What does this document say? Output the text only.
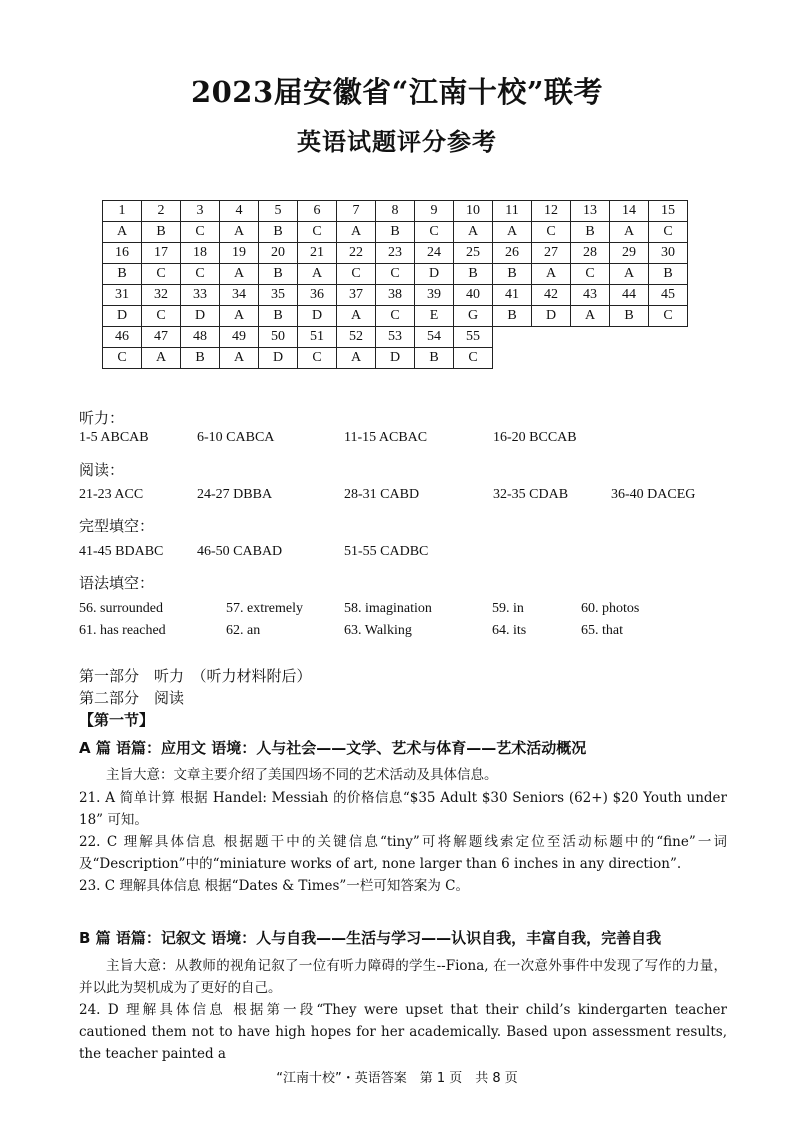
2023届安徽省“江南十校”联考
英语试题评分参考
1	2	3	4	5	6	7	8	9	10	11	12	13	14	15
A	B	C	A	B	C	A	B	C	A	A	C	B	A	C
16	17	18	19	20	21	22	23	24	25	26	27	28	29	30
B	C	C	A	B	A	C	C	D	B	B	A	C	A	B
31	32	33	34	35	36	37	38	39	40	41	42	43	44	45
D	C	D	A	B	D	A	C	E	G	B	D	A	B	C
46	47	48	49	50	51	52	53	54	55					
C	A	B	A	D	C	A	D	B	C					
听力：
1-5 ABCAB	6-10 CABCA	11-15 ACBAC	16-20 BCCAB
阅读：
21-23 ACC	24-27 DBBA	28-31 CABD	32-35 CDAB	36-40 DACEG
完型填空：
41-45 BDABC 46-50 CABAD	51-55 CADBC
语法填空：
56. surrounded	57. extremely	58. imagination	59. in	60. photos
61. has reached	62. an	63. Walking	64. its	65. that
第一部分　听力　（听力材料附后）
第二部分　阅读
【第一节】
A 篇 语篇：应用文 语境：人与社会——文学、艺术与体育——艺术活动概况
主旨大意：文章主要介绍了美国四场不同的艺术活动及具体信息。
21. A 简单计算 根据 Handel: Messiah 的价格信息“$35 Adult $30 Seniors (62+) $20 Youth under 18” 可知。
22. C 理解具体信息 根据题干中的关键信息“tiny”可将解题线索定位至活动标题中的“fine”一词及“Description”中的“miniature works of art, none larger than 6 inches in any direction”.
23. C 理解具体信息 根据“Dates & Times”一栏可知答案为 C。
B 篇 语篇：记叙文 语境：人与自我——生活与学习——认识自我，丰富自我，完善自我
主旨大意：从教师的视角记叙了一位有听力障碍的学生--Fiona, 在一次意外事件中发现了写作的力量，并以此为契机成为了更好的自己。
24. D 理解具体信息 根据第一段“They were upset that their child’s kindergarten teacher cautioned them not to have high hopes for her academically. Based upon assessment results, the teacher painted a
“江南十校”・英语答案　第 1 页　共 8 页
